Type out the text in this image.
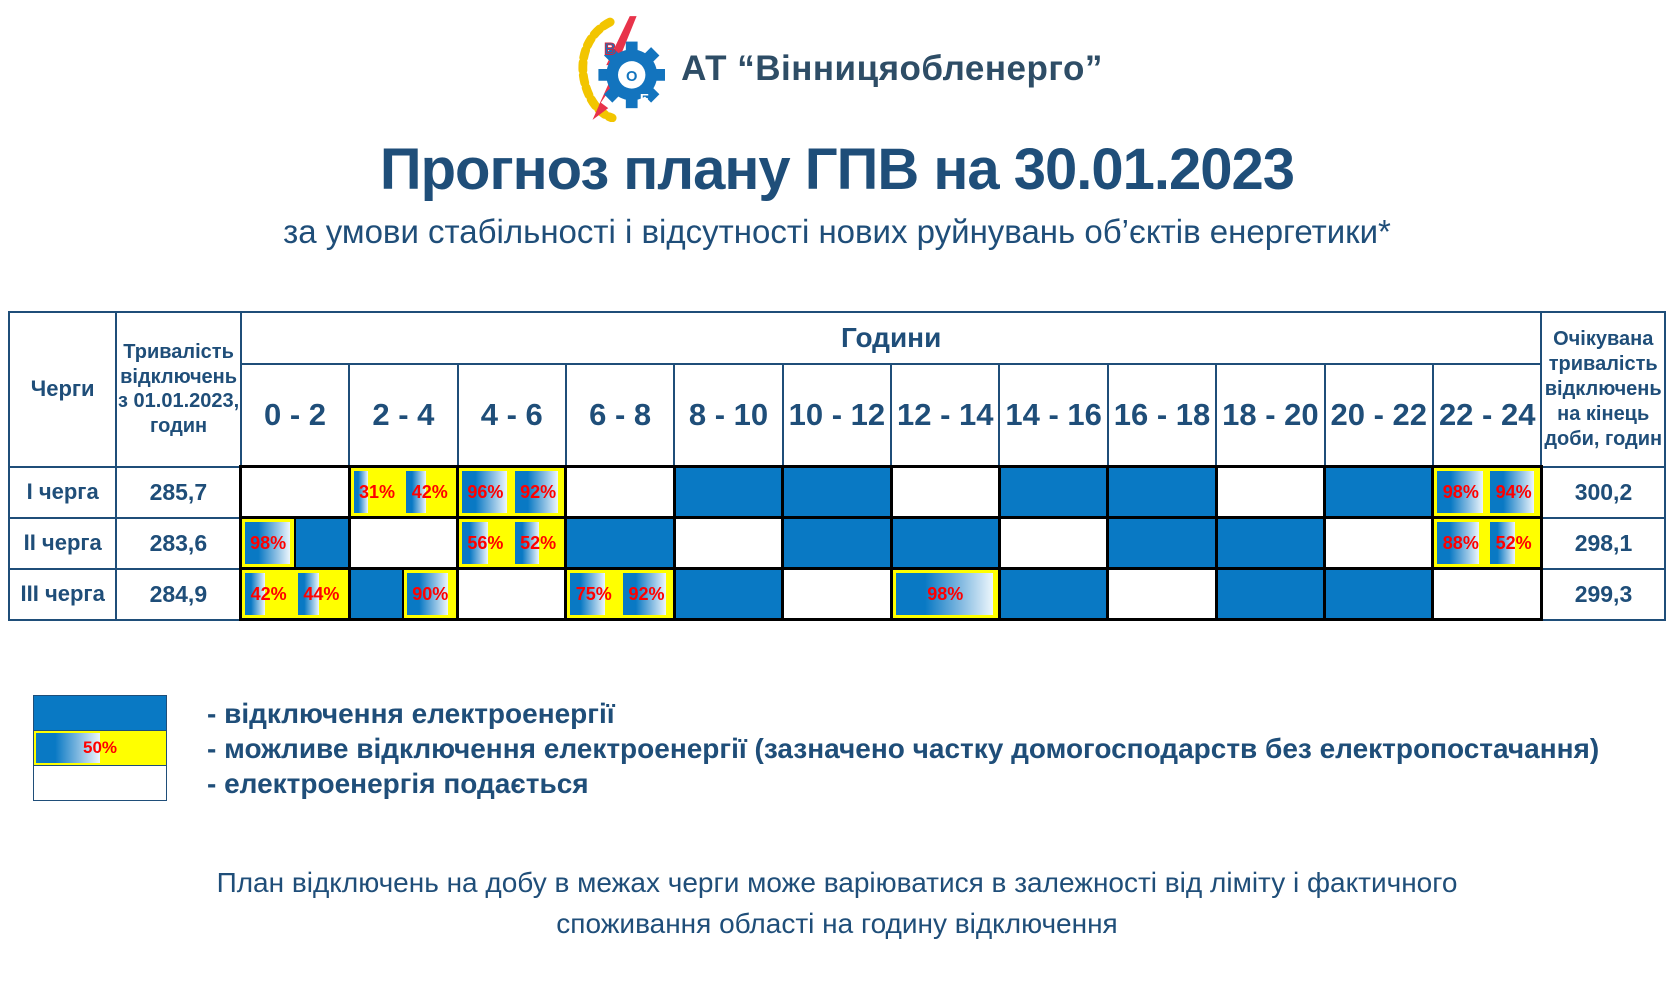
В
О
Е
АТ “Вінницяобленерго”
Прогноз плану ГПВ на 30.01.2023
за умови стабільності і відсутності нових руйнувань об’єктів енергетики*
Черги	Тривалість відключень з 01.01.2023, годин	Години												Очікувана тривалість відключень на кінець доби, годин
		0 - 2	2 - 4	4 - 6	6 - 8	8 - 10	10 - 12	12 - 14	14 - 16	16 - 18	18 - 20	20 - 22	22 - 24	
І черга	285,7		31% 42%	96% 92%									98% 94%	300,2
ІІ черга	283,6	98%		56% 52%									88% 52%	298,1
ІІІ черга	284,9	42% 44%	90%		75% 92%			98%						299,3
50%
- відключення електроенергії
- можливе відключення електроенергії (зазначено частку домогосподарств без електропостачання)
- електроенергія подається
План відключень на добу в межах черги може варіюватися в залежності від ліміту і фактичного споживання області на годину відключення
